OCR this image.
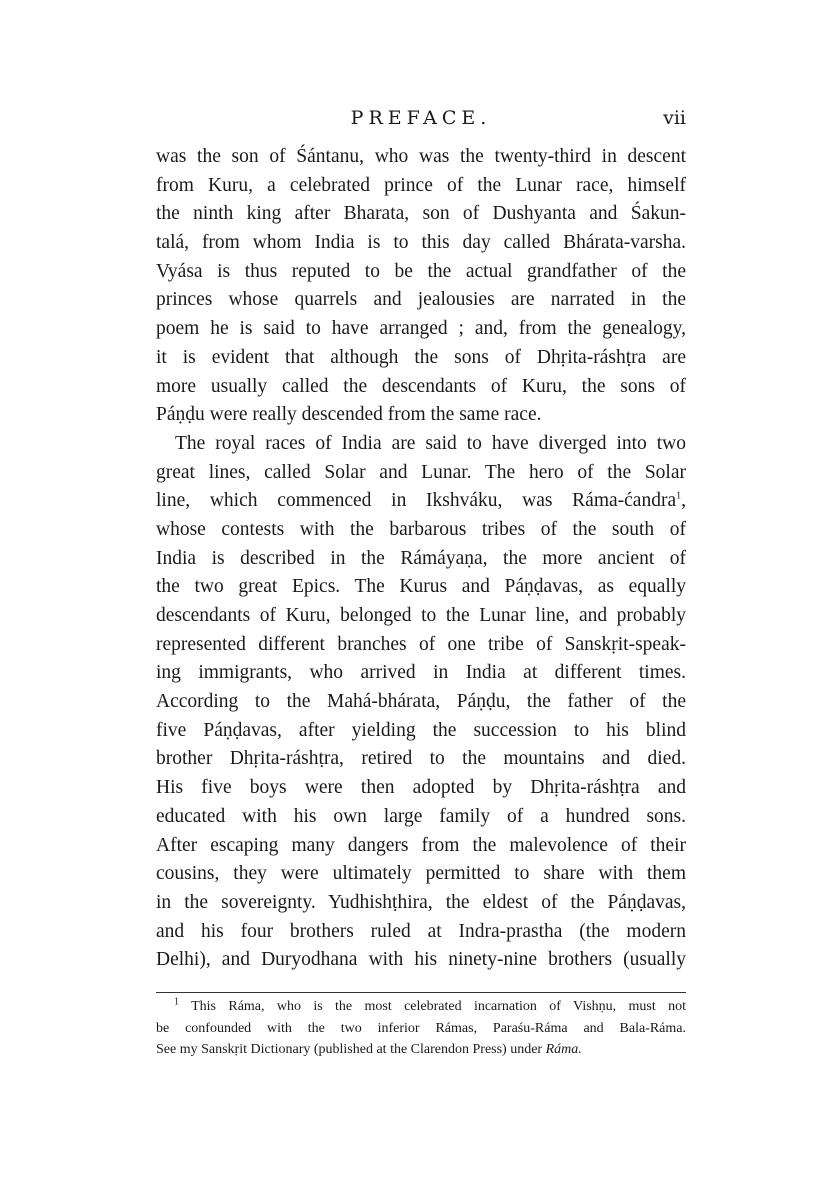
PREFACE.	vii
was the son of Śántanu, who was the twenty-third in descent
from Kuru, a celebrated prince of the Lunar race, himself
the ninth king after Bharata, son of Dushyanta and Śakun-
talá, from whom India is to this day called Bhárata-varsha.
Vyása is thus reputed to be the actual grandfather of the
princes whose quarrels and jealousies are narrated in the
poem he is said to have arranged ; and, from the genealogy,
it is evident that although the sons of Dhṛita-ráshṭra are
more usually called the descendants of Kuru, the sons of
Páṇḍu were really descended from the same race.
The royal races of India are said to have diverged into two
great lines, called Solar and Lunar. The hero of the Solar
line, which commenced in Ikshváku, was Ráma-ćandra$^1$,
whose contests with the barbarous tribes of the south of
India is described in the Rámáyaṇa, the more ancient of
the two great Epics. The Kurus and Páṇḍavas, as equally
descendants of Kuru, belonged to the Lunar line, and probably
represented different branches of one tribe of Sanskṛit-speak-
ing immigrants, who arrived in India at different times.
According to the Mahá-bhárata, Páṇḍu, the father of the
five Páṇḍavas, after yielding the succession to his blind
brother Dhṛita-ráshṭra, retired to the mountains and died.
His five boys were then adopted by Dhṛita-ráshṭra and
educated with his own large family of a hundred sons.
After escaping many dangers from the malevolence of their
cousins, they were ultimately permitted to share with them
in the sovereignty. Yudhishṭhira, the eldest of the Páṇḍavas,
and his four brothers ruled at Indra-prastha (the modern
Delhi), and Duryodhana with his ninety-nine brothers (usually
$^1$ This Ráma, who is the most celebrated incarnation of Vishṇu, must not
be confounded with the two inferior Rámas, Paraśu-Ráma and Bala-Ráma.
See my Sanskṛit Dictionary (published at the Clarendon Press) under Ráma.
